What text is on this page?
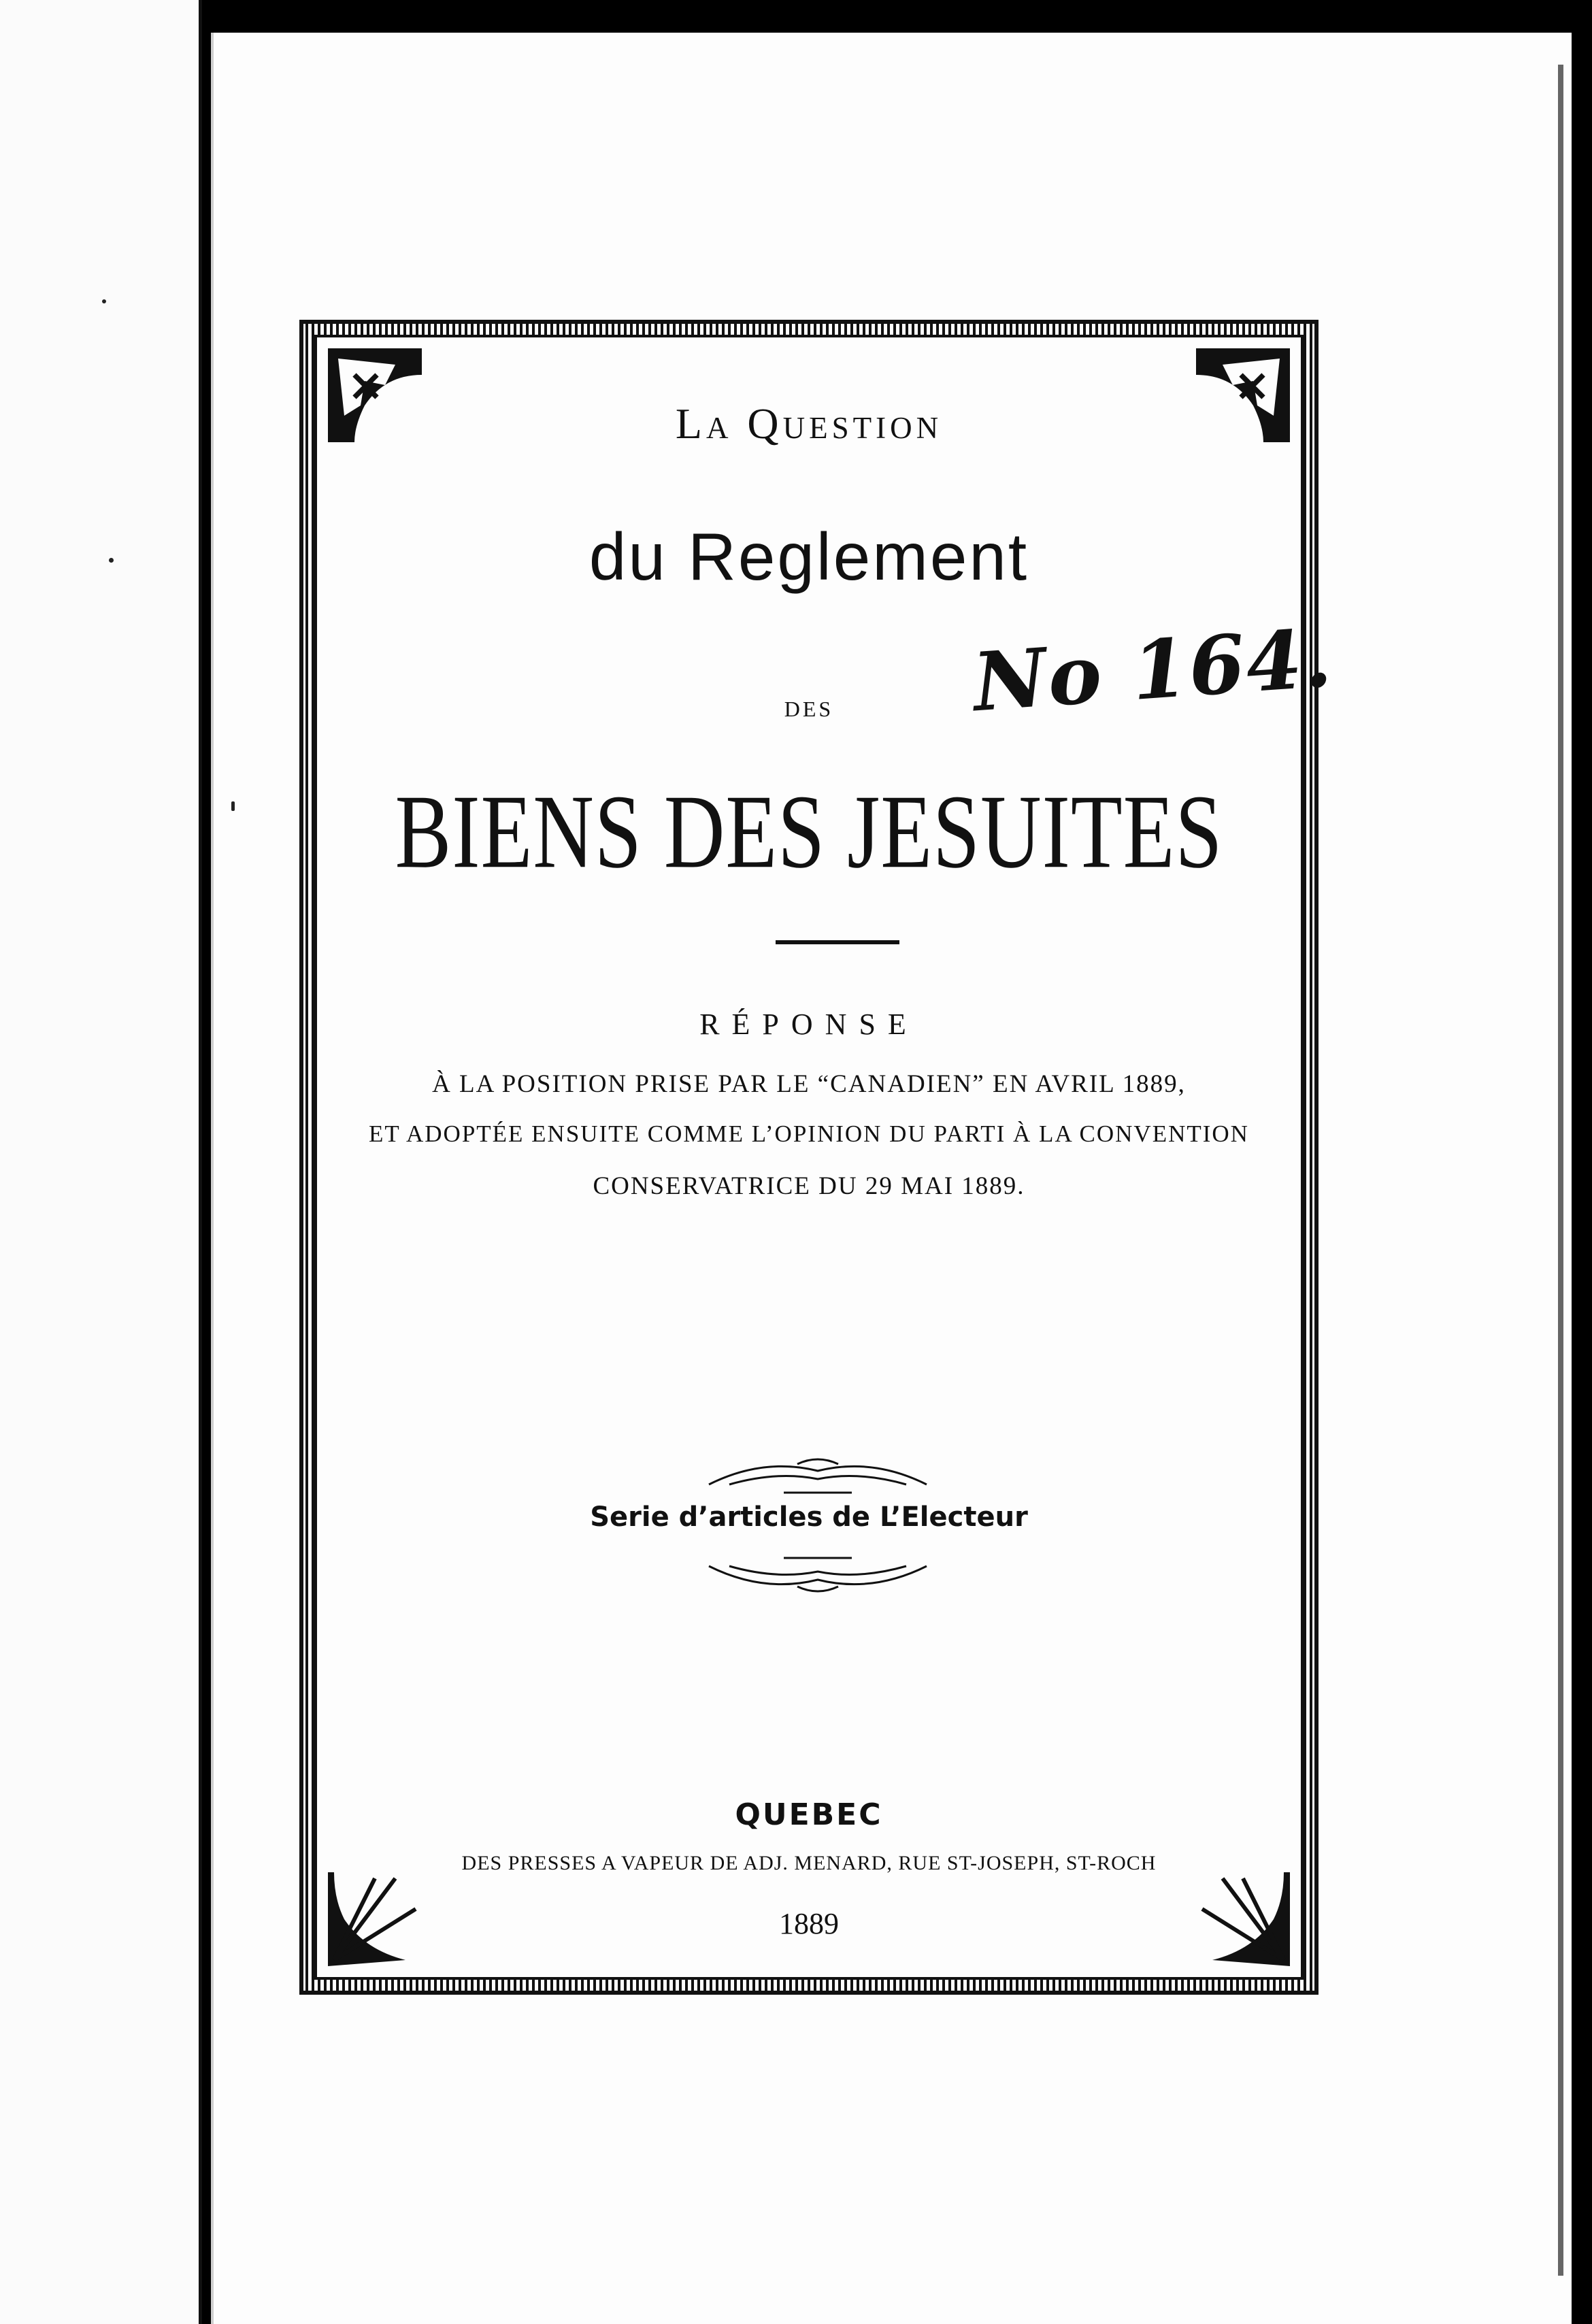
La Question
du Reglement
DES
BIENS DES JESUITES
RÉPONSE
À LA POSITION PRISE PAR LE “CANADIEN” EN AVRIL 1889,
ET ADOPTÉE ENSUITE COMME L’OPINION DU PARTI À LA CONVENTION
CONSERVATRICE DU 29 MAI 1889.
Serie d’articles de L’Electeur
QUEBEC
DES PRESSES A VAPEUR DE ADJ. MENARD, RUE ST-JOSEPH, ST-ROCH
1889
No 164.
